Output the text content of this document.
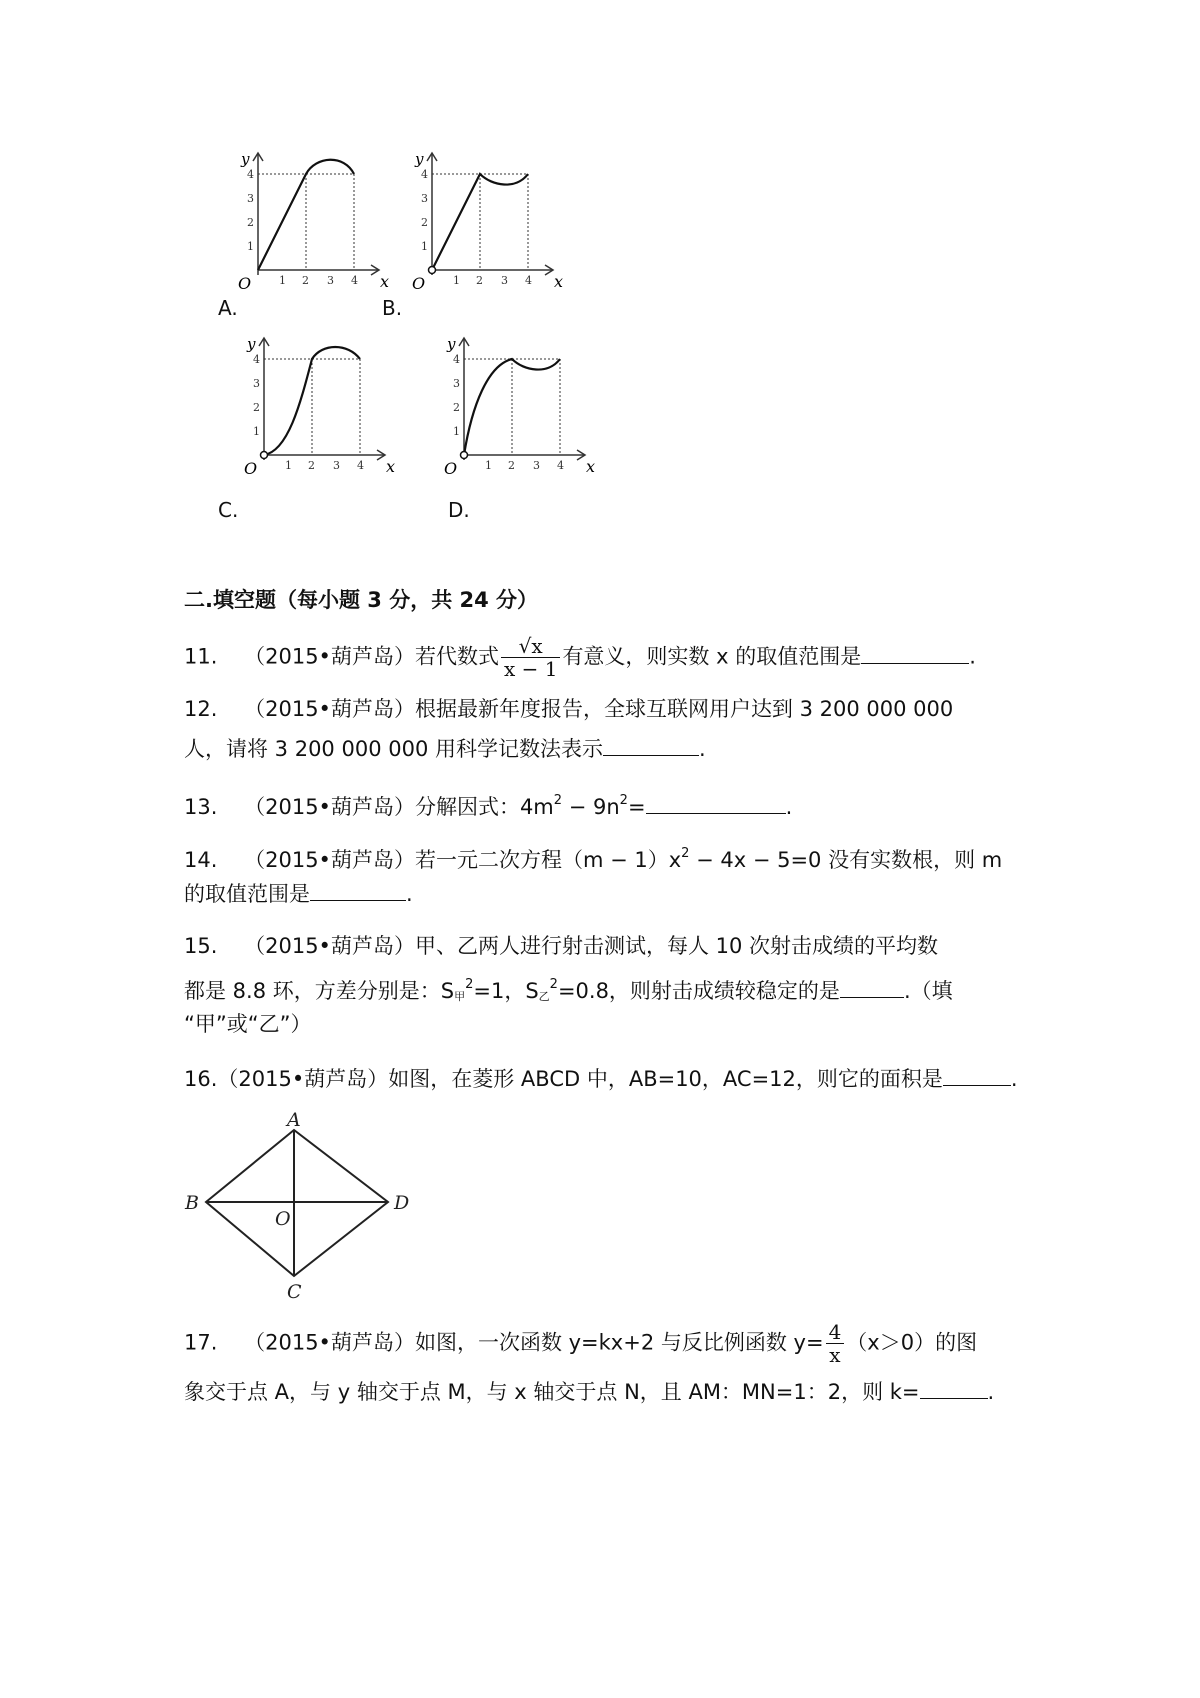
1 2 3 4
1
2
3
4
y
x
O	1 2 3 4
1
2
3
4
y
x
O
1 2 3 4
1
2
3
4
y
x
O	1 2 3 4
1
2
3
4
y
x
O
A.	B.
C.	D.
二.填空题（每小题 3 分，共 24 分）
11. （2015•葫芦岛）若代数式 $\frac{√x}{x - 1}$ 有意义，则实数 x 的取值范围是	.
12. （2015•葫芦岛）根据最新年度报告，全球互联网用户达到 3 200 000 000
人，请将 3 200 000 000 用科学记数法表示	.
13. （2015•葫芦岛）分解因式：$4m^2 - 9n^2=$	.
14. （2015•葫芦岛）若一元二次方程$(m - 1)x^2 - 4x - 5=0$ 没有实数根，则 m
的取值范围是	.
15. （2015•葫芦岛）甲、乙两人进行射击测试，每人 10 次射击成绩的平均数
都是 8.8 环，方差分别是：$S_甲^2=1$，$S_乙^2=0.8$，则射击成绩较稳定的是	.（填
“甲”或“乙”）
16.（2015•葫芦岛）如图，在菱形 ABCD 中，AB=10，AC=12，则它的面积是	.
A
B
C
D
O
17. （2015•葫芦岛）如图，一次函数 y=kx+2 与反比例函数 $y= \frac{4}{x} (x>0)$的图
象交于点 A，与 y 轴交于点 M，与 x 轴交于点 N，且 AM：MN=1：2，则 k=	.
